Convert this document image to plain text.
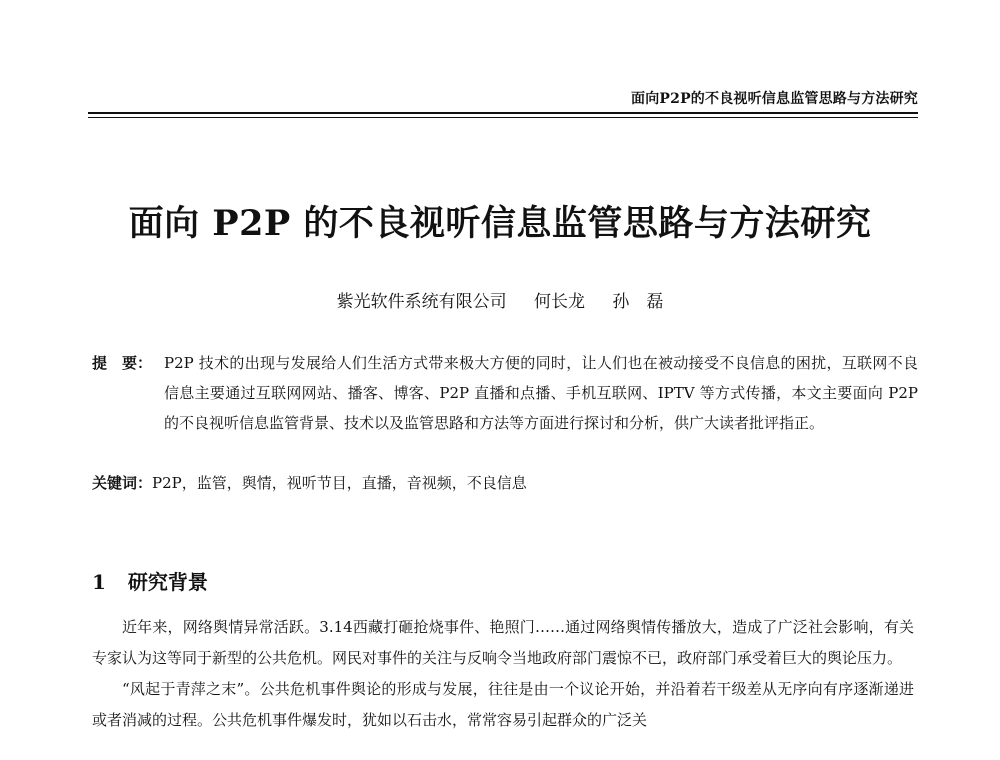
面向P2P的不良视听信息监管思路与方法研究
面向 P2P 的不良视听信息监管思路与方法研究
紫光软件系统有限公司 何长龙 孙　磊
提　要： P2P 技术的出现与发展给人们生活方式带来极大方便的同时，让人们也在被动接受不良信息的困扰，互联网不良信息主要通过互联网网站、播客、博客、P2P 直播和点播、手机互联网、IPTV 等方式传播，本文主要面向 P2P 的不良视听信息监管背景、技术以及监管思路和方法等方面进行探讨和分析，供广大读者批评指正。
关键词：P2P，监管，舆情，视听节目，直播，音视频，不良信息
1 研究背景

近年来，网络舆情异常活跃。3.14西藏打砸抢烧事件、艳照门……通过网络舆情传播放大，造成了广泛社会影响，有关专家认为这等同于新型的公共危机。网民对事件的关注与反响令当地政府部门震惊不已，政府部门承受着巨大的舆论压力。

“风起于青萍之末”。公共危机事件舆论的形成与发展，往往是由一个议论开始，并沿着若干级差从无序向有序逐渐递进或者消减的过程。公共危机事件爆发时，犹如以石击水，常常容易引起群众的广泛关
